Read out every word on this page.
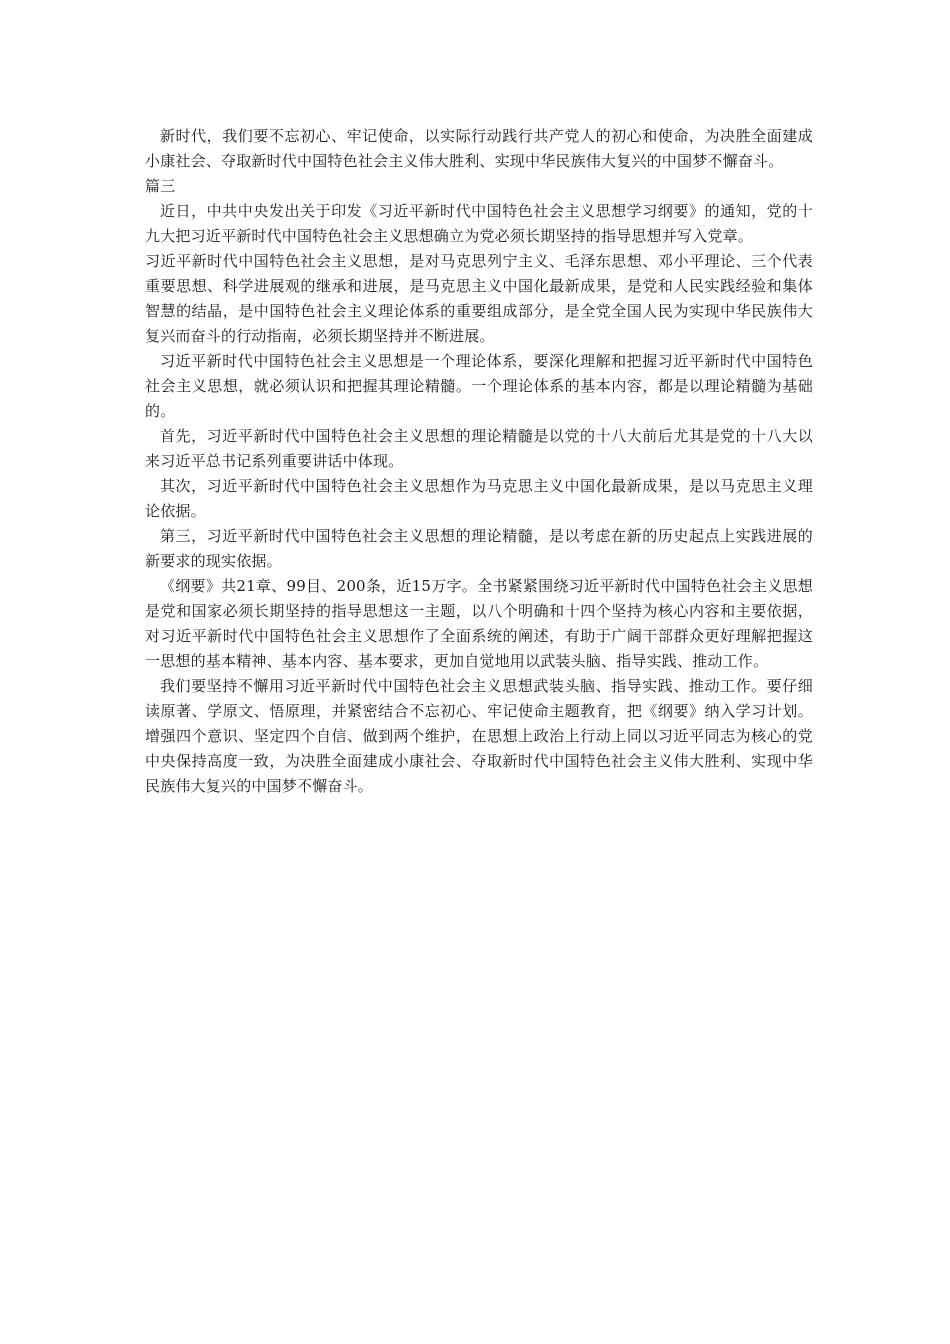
新时代，我们要不忘初心、牢记使命，以实际行动践行共产党人的初心和使命，为决胜全面建成小康社会、夺取新时代中国特色社会主义伟大胜利、实现中华民族伟大复兴的中国梦不懈奋斗。

篇三

近日，中共中央发出关于印发《习近平新时代中国特色社会主义思想学习纲要》的通知，党的十九大把习近平新时代中国特色社会主义思想确立为党必须长期坚持的指导思想并写入党章。

习近平新时代中国特色社会主义思想，是对马克思列宁主义、毛泽东思想、邓小平理论、三个代表重要思想、科学进展观的继承和进展，是马克思主义中国化最新成果，是党和人民实践经验和集体智慧的结晶，是中国特色社会主义理论体系的重要组成部分，是全党全国人民为实现中华民族伟大复兴而奋斗的行动指南，必须长期坚持并不断进展。

习近平新时代中国特色社会主义思想是一个理论体系，要深化理解和把握习近平新时代中国特色社会主义思想，就必须认识和把握其理论精髓。一个理论体系的基本内容，都是以理论精髓为基础的。

首先，习近平新时代中国特色社会主义思想的理论精髓是以党的十八大前后尤其是党的十八大以来习近平总书记系列重要讲话中体现。

其次，习近平新时代中国特色社会主义思想作为马克思主义中国化最新成果，是以马克思主义理论依据。

第三，习近平新时代中国特色社会主义思想的理论精髓，是以考虑在新的历史起点上实践进展的新要求的现实依据。

《纲要》共21章、99目、200条，近15万字。全书紧紧围绕习近平新时代中国特色社会主义思想是党和国家必须长期坚持的指导思想这一主题，以八个明确和十四个坚持为核心内容和主要依据，对习近平新时代中国特色社会主义思想作了全面系统的阐述，有助于广阔干部群众更好理解把握这一思想的基本精神、基本内容、基本要求，更加自觉地用以武装头脑、指导实践、推动工作。

我们要坚持不懈用习近平新时代中国特色社会主义思想武装头脑、指导实践、推动工作。要仔细读原著、学原文、悟原理，并紧密结合不忘初心、牢记使命主题教育，把《纲要》纳入学习计划。增强四个意识、坚定四个自信、做到两个维护，在思想上政治上行动上同以习近平同志为核心的党中央保持高度一致，为决胜全面建成小康社会、夺取新时代中国特色社会主义伟大胜利、实现中华民族伟大复兴的中国梦不懈奋斗。
